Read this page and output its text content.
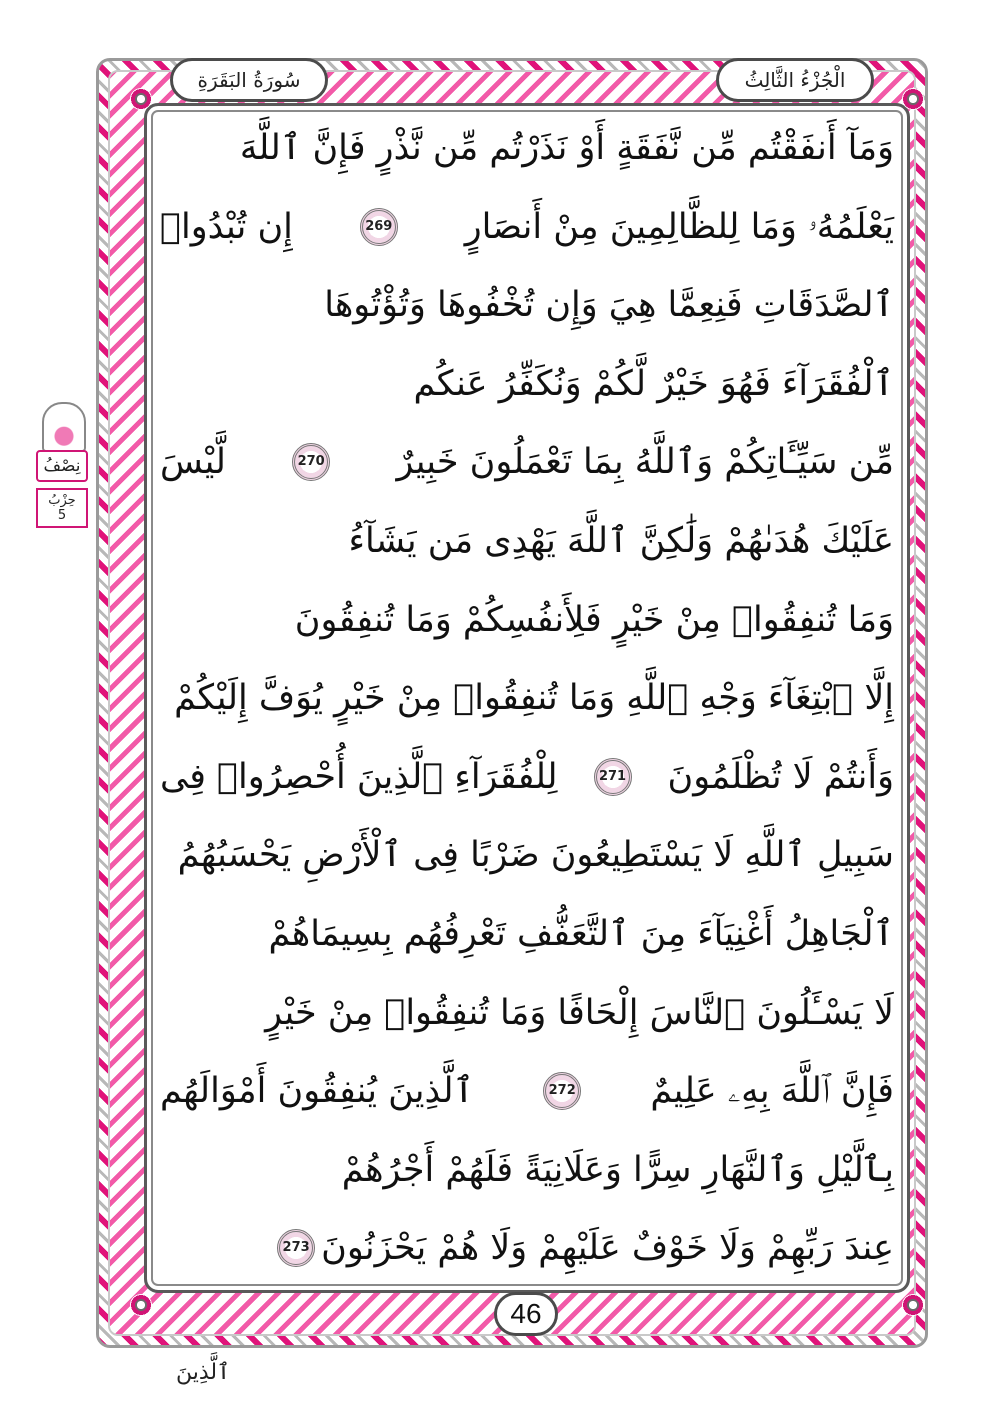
الْجُزْءُ الثَّالِثُ
سُورَةُ البَقَرَةِ
نِصْفُ
حِزْبُ
5
وَمَآ أَنفَقْتُم مِّن نَّفَقَةٍ أَوْ نَذَرْتُم مِّن نَّذْرٍ فَإِنَّ ٱللَّهَ
يَعْلَمُهُۥ وَمَا لِلظَّالِمِينَ مِنْ أَنصَارٍ
269
إِن تُبْدُوا۟
ٱلصَّدَقَاتِ فَنِعِمَّا هِيَ وَإِن تُخْفُوهَا وَتُؤْتُوهَا
ٱلْفُقَرَآءَ فَهُوَ خَيْرٌ لَّكُمْ وَنُكَفِّرُ عَنكُم
مِّن سَيِّـَٔاتِكُمْ وَٱللَّهُ بِمَا تَعْمَلُونَ خَبِيرٌ
270
لَّيْسَ
عَلَيْكَ هُدَىٰهُمْ وَلَٰكِنَّ ٱللَّهَ يَهْدِى مَن يَشَآءُ
وَمَا تُنفِقُوا۟ مِنْ خَيْرٍ فَلِأَنفُسِكُمْ وَمَا تُنفِقُونَ
إِلَّا ٱبْتِغَآءَ وَجْهِ ٱللَّهِ وَمَا تُنفِقُوا۟ مِنْ خَيْرٍ يُوَفَّ إِلَيْكُمْ
وَأَنتُمْ لَا تُظْلَمُونَ
271
لِلْفُقَرَآءِ ٱلَّذِينَ أُحْصِرُوا۟ فِى
سَبِيلِ ٱللَّهِ لَا يَسْتَطِيعُونَ ضَرْبًا فِى ٱلْأَرْضِ يَحْسَبُهُمُ
ٱلْجَاهِلُ أَغْنِيَآءَ مِنَ ٱلتَّعَفُّفِ تَعْرِفُهُم بِسِيمَاهُمْ
لَا يَسْـَٔلُونَ ٱلنَّاسَ إِلْحَافًا وَمَا تُنفِقُوا۟ مِنْ خَيْرٍ
فَإِنَّ ٱللَّهَ بِهِۦ عَلِيمٌ
272
ٱلَّذِينَ يُنفِقُونَ أَمْوَالَهُم
بِٱلَّيْلِ وَٱلنَّهَارِ سِرًّا وَعَلَانِيَةً فَلَهُمْ أَجْرُهُمْ
عِندَ رَبِّهِمْ وَلَا خَوْفٌ عَلَيْهِمْ وَلَا هُمْ يَحْزَنُونَ
273
46
ٱلَّذِينَ
